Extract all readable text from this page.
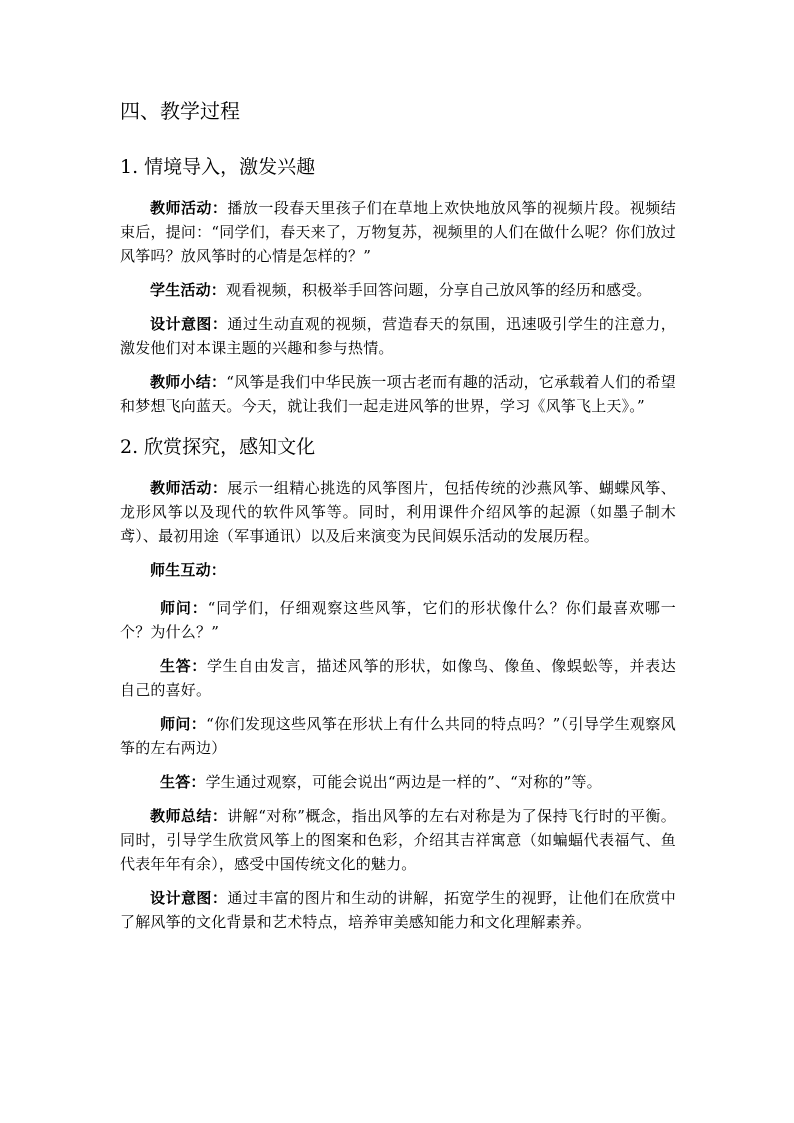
四、教学过程
1. 情境导入，激发兴趣

教师活动：播放一段春天里孩子们在草地上欢快地放风筝的视频片段。视频结束后，提问：“同学们，春天来了，万物复苏，视频里的人们在做什么呢？你们放过风筝吗？放风筝时的心情是怎样的？”

学生活动：观看视频，积极举手回答问题，分享自己放风筝的经历和感受。

设计意图：通过生动直观的视频，营造春天的氛围，迅速吸引学生的注意力，激发他们对本课主题的兴趣和参与热情。

教师小结：“风筝是我们中华民族一项古老而有趣的活动，它承载着人们的希望和梦想飞向蓝天。今天，就让我们一起走进风筝的世界，学习《风筝飞上天》。”

2. 欣赏探究，感知文化

教师活动：展示一组精心挑选的风筝图片，包括传统的沙燕风筝、蝴蝶风筝、龙形风筝以及现代的软件风筝等。同时，利用课件介绍风筝的起源（如墨子制木鸢）、最初用途（军事通讯）以及后来演变为民间娱乐活动的发展历程。

师生互动：

师问：“同学们，仔细观察这些风筝，它们的形状像什么？你们最喜欢哪一个？为什么？”

生答：学生自由发言，描述风筝的形状，如像鸟、像鱼、像蜈蚣等，并表达自己的喜好。

师问：“你们发现这些风筝在形状上有什么共同的特点吗？”（引导学生观察风筝的左右两边）

生答：学生通过观察，可能会说出“两边是一样的”、“对称的”等。

教师总结：讲解“对称”概念，指出风筝的左右对称是为了保持飞行时的平衡。同时，引导学生欣赏风筝上的图案和色彩，介绍其吉祥寓意（如蝙蝠代表福气、鱼代表年年有余），感受中国传统文化的魅力。

设计意图：通过丰富的图片和生动的讲解，拓宽学生的视野，让他们在欣赏中了解风筝的文化背景和艺术特点，培养审美感知能力和文化理解素养。
